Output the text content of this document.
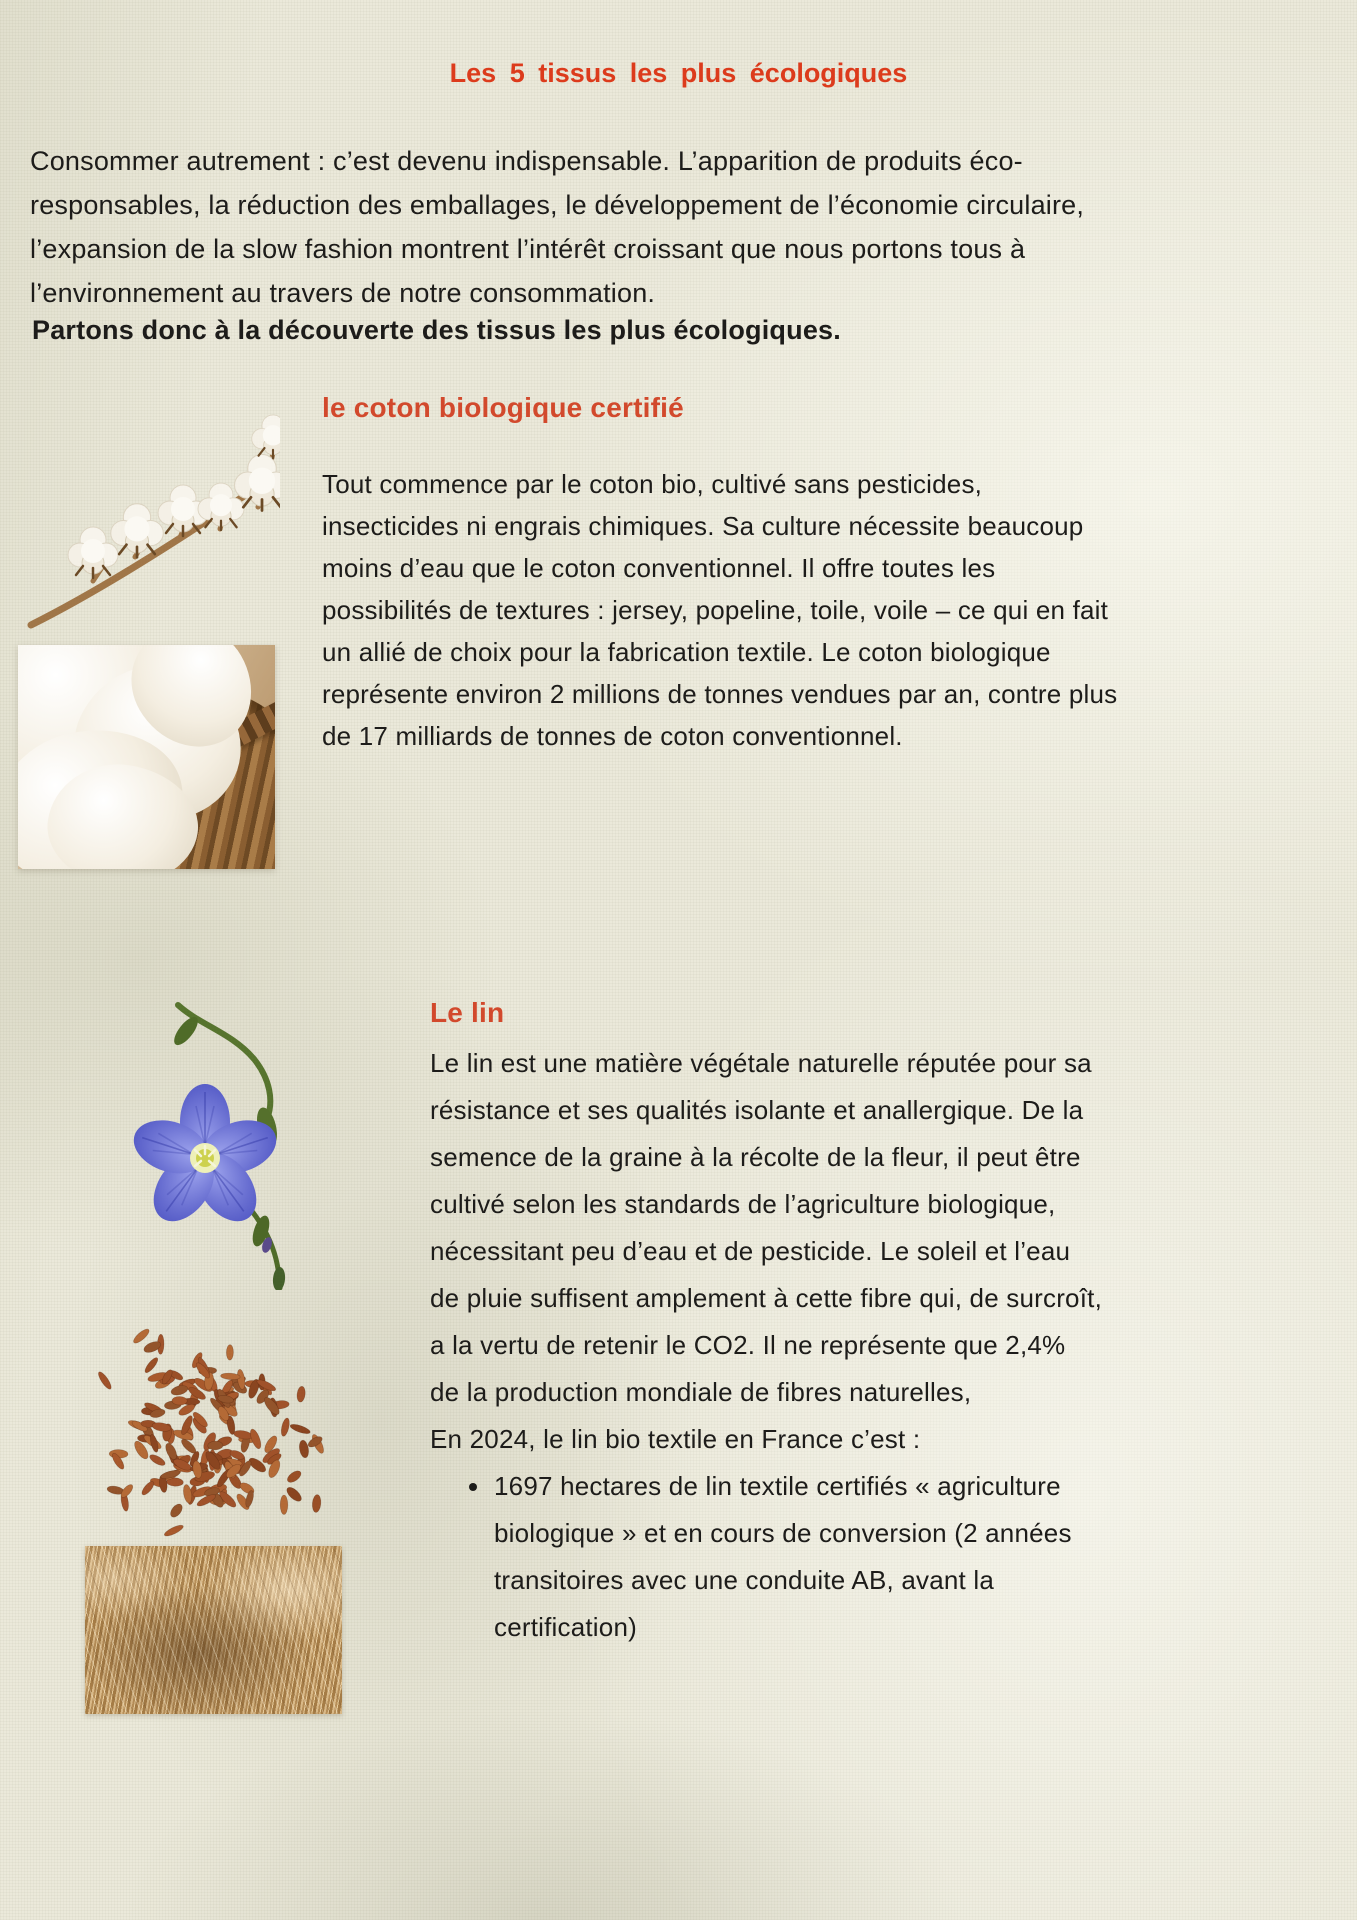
Les 5 tissus les plus écologiques

Consommer autrement : c’est devenu indispensable. L’apparition de produits éco-responsables, la réduction des emballages, le développement de l’économie circulaire, l’expansion de la slow fashion montrent l’intérêt croissant que nous portons tous à l’environnement au travers de notre consommation.

Partons donc à la découverte des tissus les plus écologiques.

le coton biologique certifié

Tout commence par le coton bio, cultivé sans pesticides, insecticides ni engrais chimiques. Sa culture nécessite beaucoup moins d’eau que le coton conventionnel. Il offre toutes les possibilités de textures : jersey, popeline, toile, voile – ce qui en fait un allié de choix pour la fabrication textile. Le coton biologique représente environ 2 millions de tonnes vendues par an, contre plus de 17 milliards de tonnes de coton conventionnel.

Le lin

Le lin est une matière végétale naturelle réputée pour sa résistance et ses qualités isolante et anallergique. De la semence de la graine à la récolte de la fleur, il peut être cultivé selon les standards de l’agriculture biologique, nécessitant peu d’eau et de pesticide. Le soleil et l’eau de pluie suffisent amplement à cette fibre qui, de surcroît, a la vertu de retenir le CO2. Il ne représente que 2,4% de la production mondiale de fibres naturelles,

En 2024, le lin bio textile en France c’est :

• 1697 hectares de lin textile certifiés « agriculture biologique » et en cours de conversion (2 années transitoires avec une conduite AB, avant la certification)
